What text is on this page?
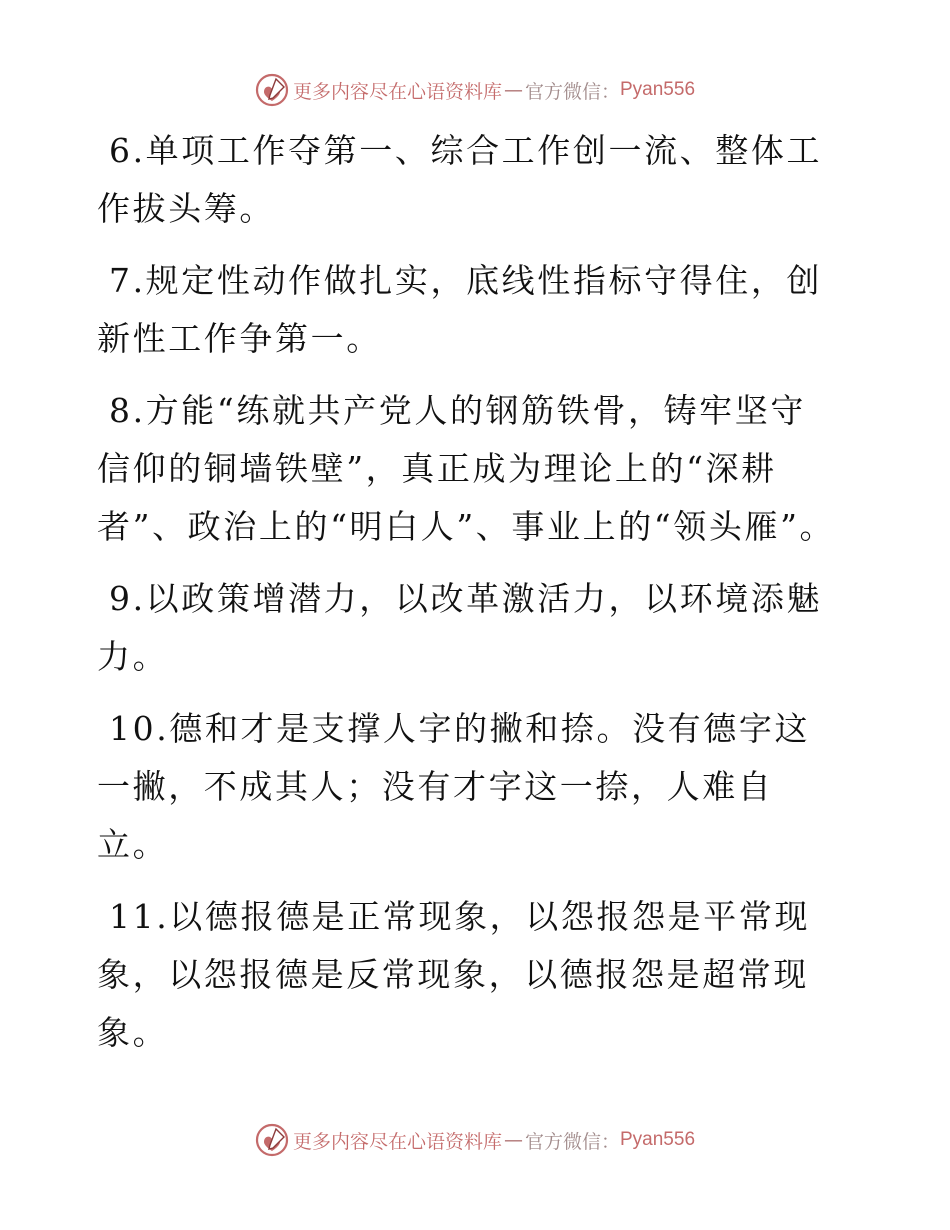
更多内容尽在心语资料库 — 官方微信： Pyan556

6.单项工作夺第一、综合工作创一流、整体工作拔头筹。

7.规定性动作做扎实，底线性指标守得住，创新性工作争第一。

8.方能“练就共产党人的钢筋铁骨，铸牢坚守信仰的铜墙铁壁”，真正成为理论上的“深耕者”、政治上的“明白人”、事业上的“领头雁”。

9.以政策增潜力，以改革激活力，以环境添魅力。

10.德和才是支撑人字的撇和捺。没有德字这一撇，不成其人；没有才字这一捺，人难自立。

11.以德报德是正常现象，以怨报怨是平常现象，以怨报德是反常现象，以德报怨是超常现象。

更多内容尽在心语资料库 — 官方微信： Pyan556
